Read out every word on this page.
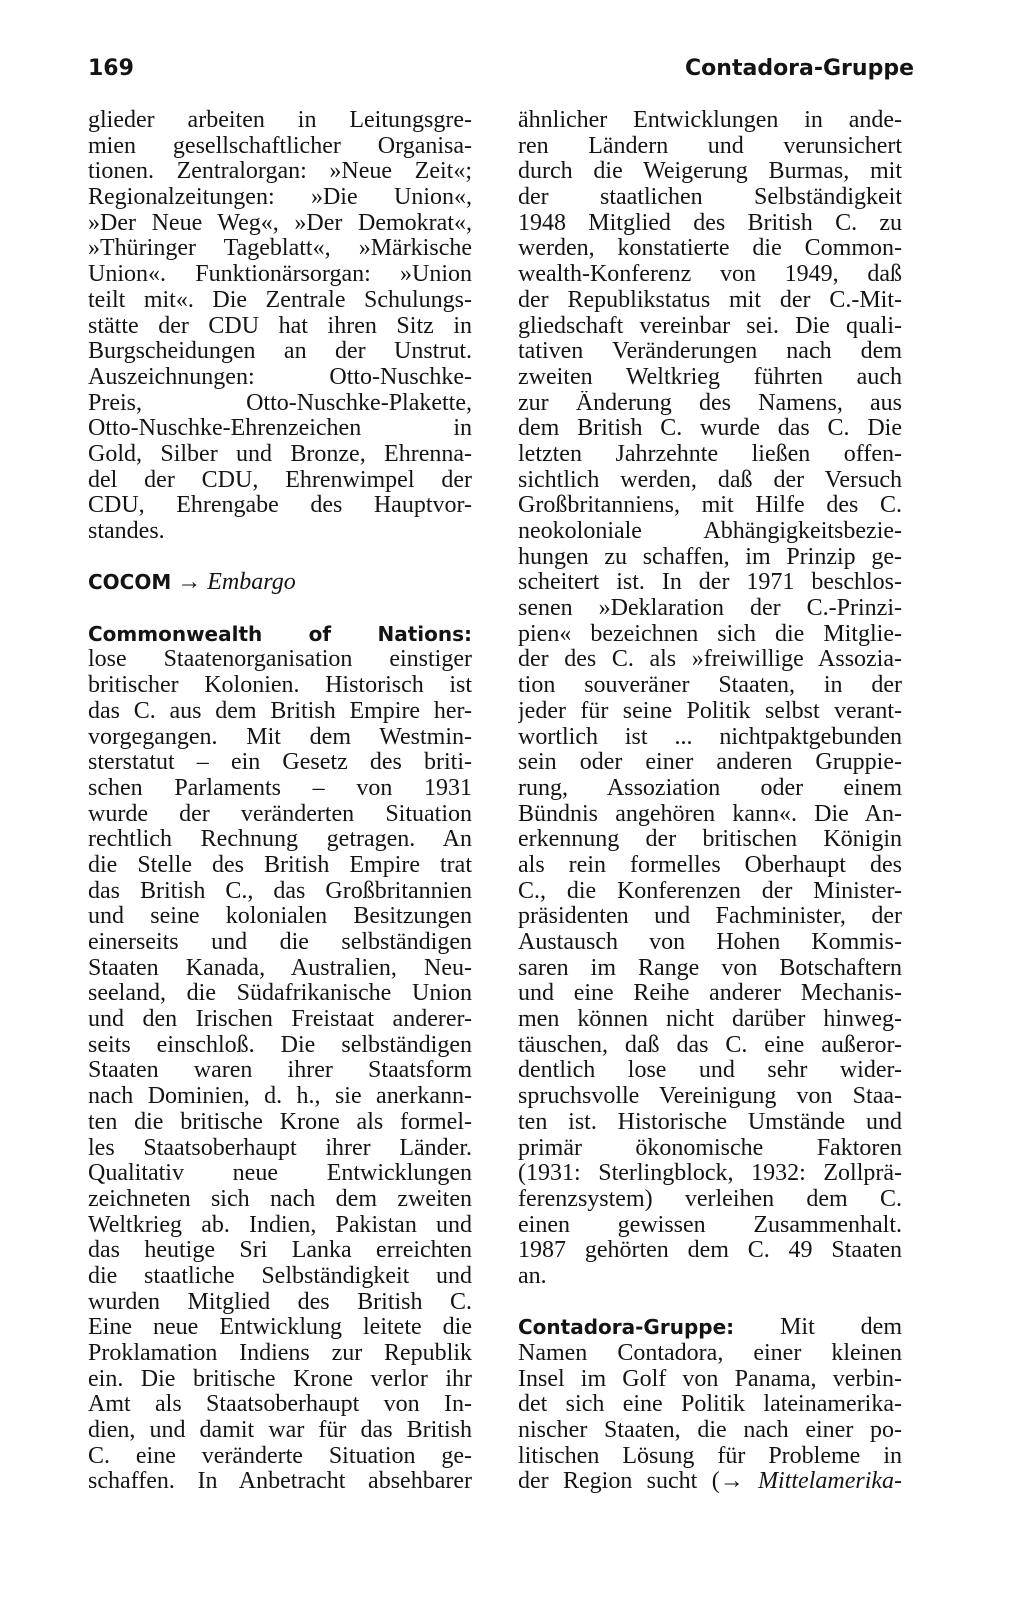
169	Contadora-Gruppe
glieder arbeiten in Leitungsgre-
mien gesellschaftlicher Organisa-
tionen. Zentralorgan: »Neue Zeit«;
Regionalzeitungen: »Die Union«,
»Der Neue Weg«, »Der Demokrat«,
»Thüringer Tageblatt«, »Märkische
Union«. Funktionärsorgan: »Union
teilt mit«. Die Zentrale Schulungs-
stätte der CDU hat ihren Sitz in
Burgscheidungen an der Unstrut.
Auszeichnungen: Otto-Nuschke-
Preis, Otto-Nuschke-Plakette,
Otto-Nuschke-Ehrenzeichen in
Gold, Silber und Bronze, Ehrenna-
del der CDU, Ehrenwimpel der
CDU, Ehrengabe des Hauptvor-
standes.
COCOM → Embargo
Commonwealth of Nations:
lose Staatenorganisation einstiger
britischer Kolonien. Historisch ist
das C. aus dem British Empire her-
vorgegangen. Mit dem Westmin-
sterstatut – ein Gesetz des briti-
schen Parlaments – von 1931
wurde der veränderten Situation
rechtlich Rechnung getragen. An
die Stelle des British Empire trat
das British C., das Großbritannien
und seine kolonialen Besitzungen
einerseits und die selbständigen
Staaten Kanada, Australien, Neu-
seeland, die Südafrikanische Union
und den Irischen Freistaat anderer-
seits einschloß. Die selbständigen
Staaten waren ihrer Staatsform
nach Dominien, d. h., sie anerkann-
ten die britische Krone als formel-
les Staatsoberhaupt ihrer Länder.
Qualitativ neue Entwicklungen
zeichneten sich nach dem zweiten
Weltkrieg ab. Indien, Pakistan und
das heutige Sri Lanka erreichten
die staatliche Selbständigkeit und
wurden Mitglied des British C.
Eine neue Entwicklung leitete die
Proklamation Indiens zur Republik
ein. Die britische Krone verlor ihr
Amt als Staatsoberhaupt von In-
dien, und damit war für das British
C. eine veränderte Situation ge-
schaffen. In Anbetracht absehbarer
ähnlicher Entwicklungen in ande-
ren Ländern und verunsichert
durch die Weigerung Burmas, mit
der staatlichen Selbständigkeit
1948 Mitglied des British C. zu
werden, konstatierte die Common-
wealth-Konferenz von 1949, daß
der Republikstatus mit der C.-Mit-
gliedschaft vereinbar sei. Die quali-
tativen Veränderungen nach dem
zweiten Weltkrieg führten auch
zur Änderung des Namens, aus
dem British C. wurde das C. Die
letzten Jahrzehnte ließen offen-
sichtlich werden, daß der Versuch
Großbritanniens, mit Hilfe des C.
neokoloniale Abhängigkeitsbezie-
hungen zu schaffen, im Prinzip ge-
scheitert ist. In der 1971 beschlos-
senen »Deklaration der C.-Prinzi-
pien« bezeichnen sich die Mitglie-
der des C. als »freiwillige Assozia-
tion souveräner Staaten, in der
jeder für seine Politik selbst verant-
wortlich ist ... nichtpaktgebunden
sein oder einer anderen Gruppie-
rung, Assoziation oder einem
Bündnis angehören kann«. Die An-
erkennung der britischen Königin
als rein formelles Oberhaupt des
C., die Konferenzen der Minister-
präsidenten und Fachminister, der
Austausch von Hohen Kommis-
saren im Range von Botschaftern
und eine Reihe anderer Mechanis-
men können nicht darüber hinweg-
täuschen, daß das C. eine außeror-
dentlich lose und sehr wider-
spruchsvolle Vereinigung von Staa-
ten ist. Historische Umstände und
primär ökonomische Faktoren
(1931: Sterlingblock, 1932: Zollprä-
ferenzsystem) verleihen dem C.
einen gewissen Zusammenhalt.
1987 gehörten dem C. 49 Staaten
an.
Contadora-Gruppe: Mit dem
Namen Contadora, einer kleinen
Insel im Golf von Panama, verbin-
det sich eine Politik lateinamerika-
nischer Staaten, die nach einer po-
litischen Lösung für Probleme in
der Region sucht (→ Mittelamerika-
